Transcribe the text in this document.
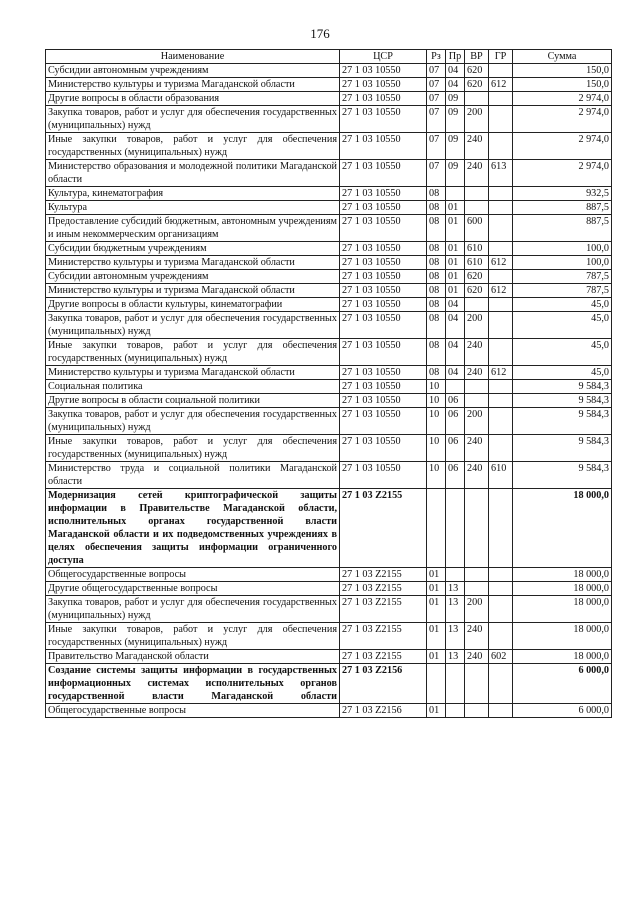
176
Наименование	ЦСР	Рз	Пр	ВР	ГР	Сумма
Субсидии автономным учреждениям	27 1 03 10550	07	04	620		150,0
Министерство культуры и туризма Магаданской области	27 1 03 10550	07	04	620	612	150,0
Другие вопросы в области образования	27 1 03 10550	07	09			2 974,0
Закупка товаров, работ и услуг для обеспечения государственных (муниципальных) нужд	27 1 03 10550	07	09	200		2 974,0
Иные закупки товаров, работ и услуг для обеспечения государственных (муниципальных) нужд	27 1 03 10550	07	09	240		2 974,0
Министерство образования и молодежной политики Магаданской области	27 1 03 10550	07	09	240	613	2 974,0
Культура, кинематография	27 1 03 10550	08				932,5
Культура	27 1 03 10550	08	01			887,5
Предоставление субсидий бюджетным, автономным учреждениям и иным некоммерческим организациям	27 1 03 10550	08	01	600		887,5
Субсидии бюджетным учреждениям	27 1 03 10550	08	01	610		100,0
Министерство культуры и туризма Магаданской области	27 1 03 10550	08	01	610	612	100,0
Субсидии автономным учреждениям	27 1 03 10550	08	01	620		787,5
Министерство культуры и туризма Магаданской области	27 1 03 10550	08	01	620	612	787,5
Другие вопросы в области культуры, кинематографии	27 1 03 10550	08	04			45,0
Закупка товаров, работ и услуг для обеспечения государственных (муниципальных) нужд	27 1 03 10550	08	04	200		45,0
Иные закупки товаров, работ и услуг для обеспечения государственных (муниципальных) нужд	27 1 03 10550	08	04	240		45,0
Министерство культуры и туризма Магаданской области	27 1 03 10550	08	04	240	612	45,0
Социальная политика	27 1 03 10550	10				9 584,3
Другие вопросы в области социальной политики	27 1 03 10550	10	06			9 584,3
Закупка товаров, работ и услуг для обеспечения государственных (муниципальных) нужд	27 1 03 10550	10	06	200		9 584,3
Иные закупки товаров, работ и услуг для обеспечения государственных (муниципальных) нужд	27 1 03 10550	10	06	240		9 584,3
Министерство труда и социальной политики Магаданской области	27 1 03 10550	10	06	240	610	9 584,3
Модернизация сетей криптографической защиты информации в Правительстве Магаданской области, исполнительных органах государственной власти Магаданской области и их подведомственных учреждениях в целях обеспечения защиты информации ограниченного доступа	27 1 03 Z2155					18 000,0
Общегосударственные вопросы	27 1 03 Z2155	01				18 000,0
Другие общегосударственные вопросы	27 1 03 Z2155	01	13			18 000,0
Закупка товаров, работ и услуг для обеспечения государственных (муниципальных) нужд	27 1 03 Z2155	01	13	200		18 000,0
Иные закупки товаров, работ и услуг для обеспечения государственных (муниципальных) нужд	27 1 03 Z2155	01	13	240		18 000,0
Правительство Магаданской области	27 1 03 Z2155	01	13	240	602	18 000,0
Создание системы защиты информации в государственных информационных системах исполнительных органов государственной власти Магаданской области	27 1 03 Z2156					6 000,0
Общегосударственные вопросы	27 1 03 Z2156	01				6 000,0
